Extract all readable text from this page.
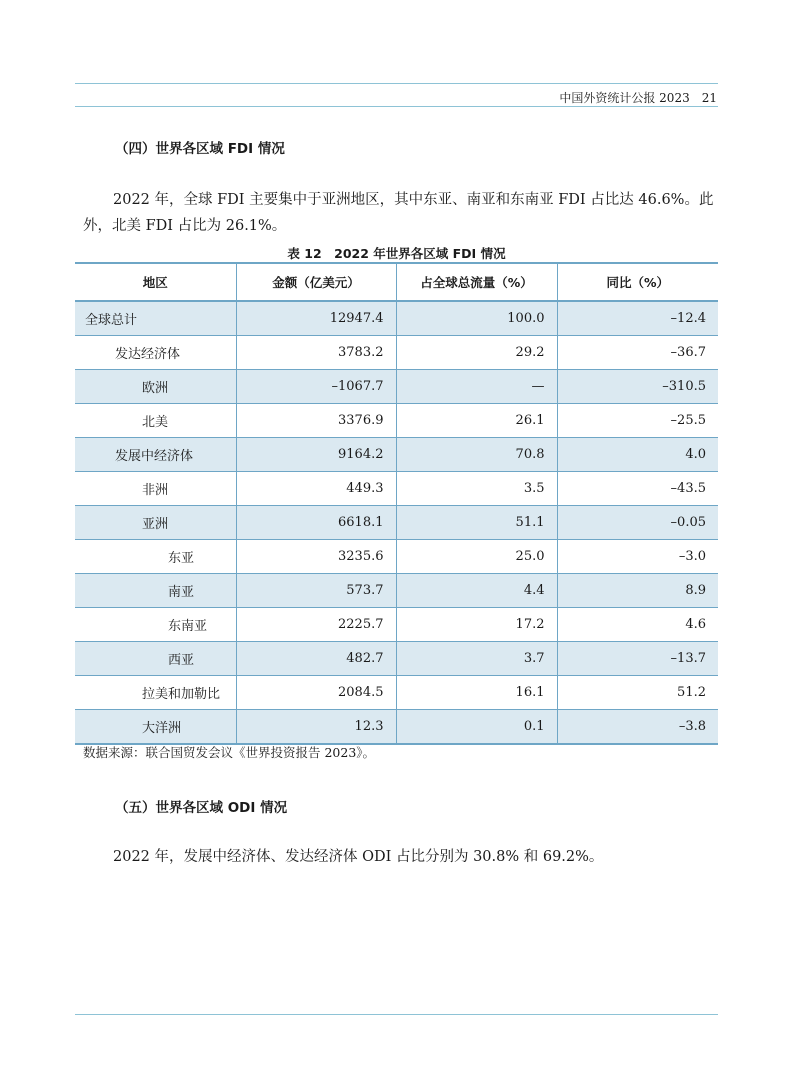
中国外资统计公报 2023 21
（四）世界各区域 FDI 情况
2022 年，全球 FDI 主要集中于亚洲地区，其中东亚、南亚和东南亚 FDI 占比达 46.6%。此外，北美 FDI 占比为 26.1%。
表 12　2022 年世界各区域 FDI 情况
地区	金额（亿美元）	占全球总流量（%）	同比（%）
全球总计	12947.4	100.0	–12.4
发达经济体	3783.2	29.2	–36.7
欧洲	–1067.7	—	–310.5
北美	3376.9	26.1	–25.5
发展中经济体	9164.2	70.8	4.0
非洲	449.3	3.5	–43.5
亚洲	6618.1	51.1	–0.05
东亚	3235.6	25.0	–3.0
南亚	573.7	4.4	8.9
东南亚	2225.7	17.2	4.6
西亚	482.7	3.7	–13.7
拉美和加勒比	2084.5	16.1	51.2
大洋洲	12.3	0.1	–3.8
数据来源：联合国贸发会议《世界投资报告 2023》。
（五）世界各区域 ODI 情况
2022 年，发展中经济体、发达经济体 ODI 占比分别为 30.8% 和 69.2%。
